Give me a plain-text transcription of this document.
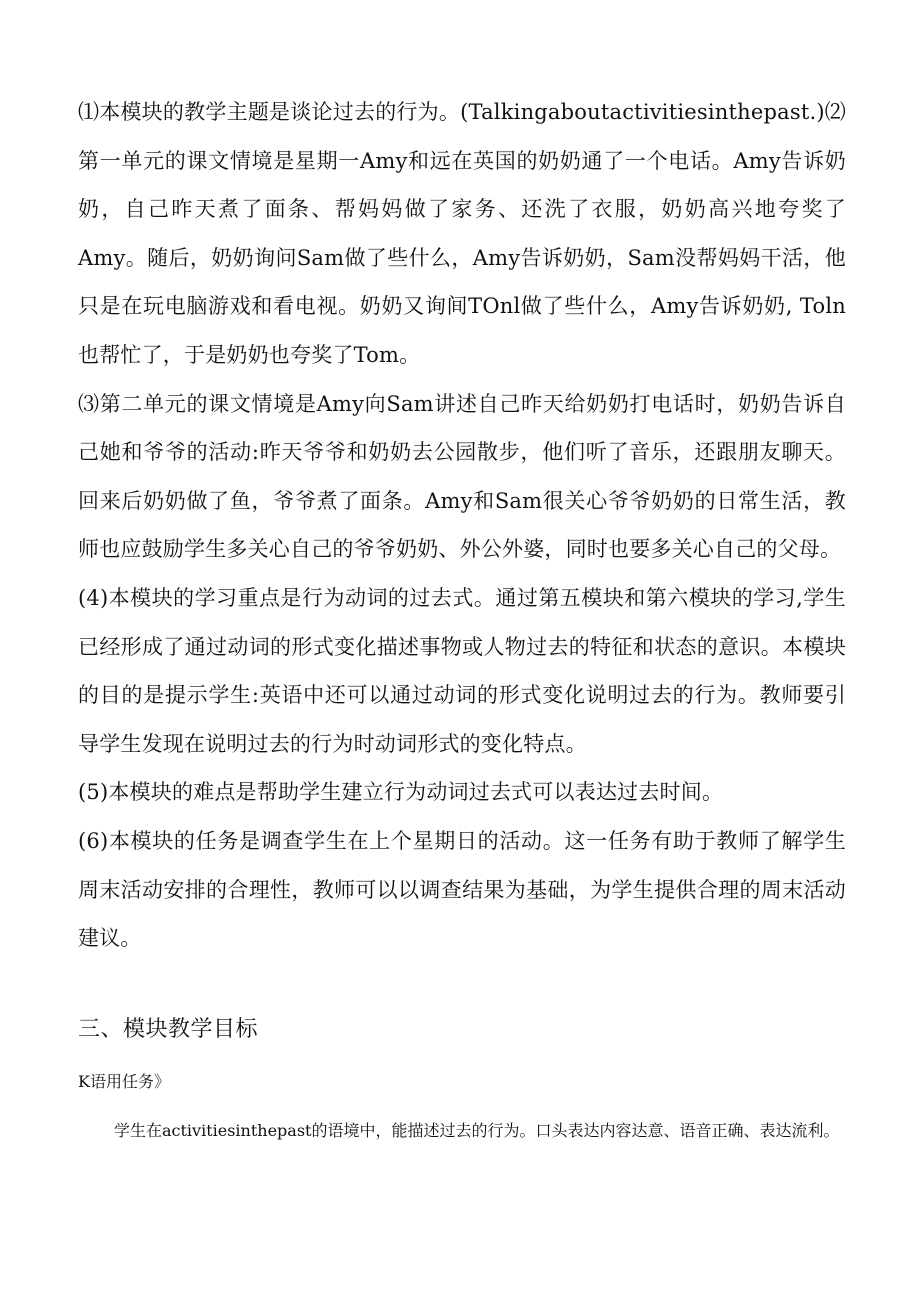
⑴本模块的教学主题是谈论过去的行为。(Talkingaboutactivitiesinthepast.)⑵第一单元的课文情境是星期一Amy和远在英国的奶奶通了一个电话。Amy告诉奶奶，自己昨天煮了面条、帮妈妈做了家务、还洗了衣服，奶奶高兴地夸奖了Amy。随后，奶奶询问Sam做了些什么，Amy告诉奶奶，Sam没帮妈妈干活，他只是在玩电脑游戏和看电视。奶奶又询间TOnl做了些什么，Amy告诉奶奶, Toln也帮忙了，于是奶奶也夸奖了Tom。

⑶第二单元的课文情境是Amy向Sam讲述自己昨天给奶奶打电话时，奶奶告诉自己她和爷爷的活动:昨天爷爷和奶奶去公园散步，他们听了音乐，还跟朋友聊天。回来后奶奶做了鱼，爷爷煮了面条。Amy和Sam很关心爷爷奶奶的日常生活，教师也应鼓励学生多关心自己的爷爷奶奶、外公外婆，同时也要多关心自己的父母。

(4)本模块的学习重点是行为动词的过去式。通过第五模块和第六模块的学习,学生已经形成了通过动词的形式变化描述事物或人物过去的特征和状态的意识。本模块的目的是提示学生:英语中还可以通过动词的形式变化说明过去的行为。教师要引导学生发现在说明过去的行为时动词形式的变化特点。

(5)本模块的难点是帮助学生建立行为动词过去式可以表达过去时间。

(6)本模块的任务是调查学生在上个星期日的活动。这一任务有助于教师了解学生周末活动安排的合理性，教师可以以调查结果为基础，为学生提供合理的周末活动建议。

三、模块教学目标
K语用任务》

学生在activitiesinthepast的语境中，能描述过去的行为。口头表达内容达意、语音正确、表达流利。
